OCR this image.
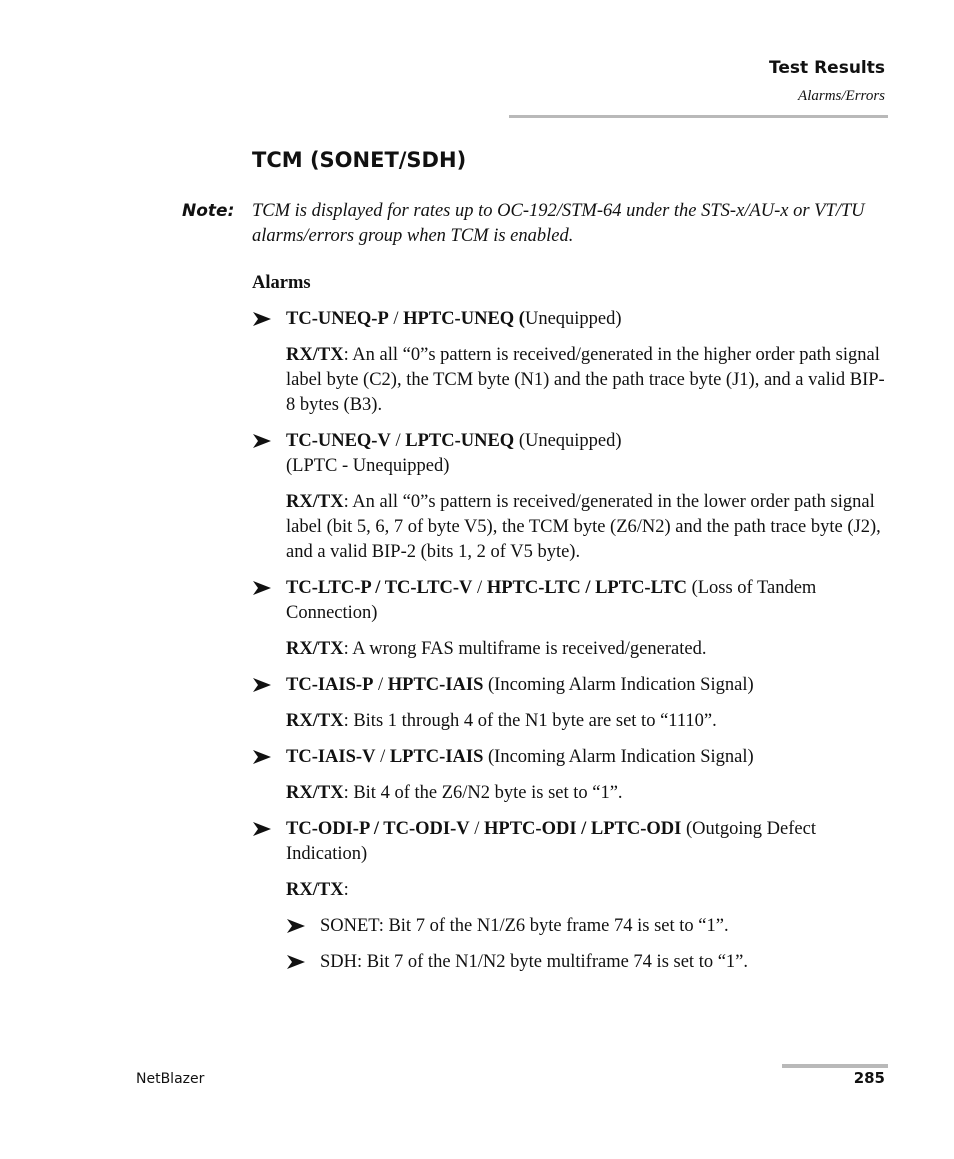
Test Results
Alarms/Errors
TCM (SONET/SDH)
Note: TCM is displayed for rates up to OC-192/STM-64 under the STS-x/AU-x or VT/TU alarms/errors group when TCM is enabled.

Alarms

TC-UNEQ-P / HPTC-UNEQ (Unequipped)

RX/TX: An all “0”s pattern is received/generated in the higher order path signal label byte (C2), the TCM byte (N1) and the path trace byte (J1), and a valid BIP-8 bytes (B3).

TC-UNEQ-V / LPTC-UNEQ (Unequipped)
(LPTC - Unequipped)

RX/TX: An all “0”s pattern is received/generated in the lower order path signal label (bit 5, 6, 7 of byte V5), the TCM byte (Z6/N2) and the path trace byte (J2), and a valid BIP-2 (bits 1, 2 of V5 byte).

TC-LTC-P / TC-LTC-V / HPTC-LTC / LPTC-LTC (Loss of Tandem Connection)

RX/TX: A wrong FAS multiframe is received/generated.

TC-IAIS-P / HPTC-IAIS (Incoming Alarm Indication Signal)

RX/TX: Bits 1 through 4 of the N1 byte are set to “1110”.

TC-IAIS-V / LPTC-IAIS (Incoming Alarm Indication Signal)

RX/TX: Bit 4 of the Z6/N2 byte is set to “1”.

TC-ODI-P / TC-ODI-V / HPTC-ODI / LPTC-ODI (Outgoing Defect Indication)

RX/TX:

SONET: Bit 7 of the N1/Z6 byte frame 74 is set to “1”.

SDH: Bit 7 of the N1/N2 byte multiframe 74 is set to “1”.

NetBlazer	285
